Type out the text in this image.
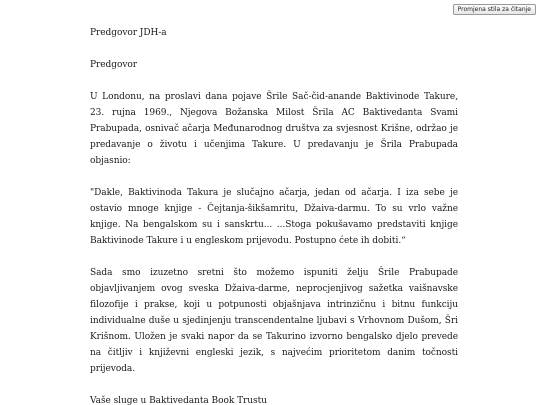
Promjena stila za čitanje

Predgovor JDH-a

Predgovor

U Londonu, na proslavi dana pojave Šrile Sač-čid-anande Baktivinode Takure, 23. rujna 1969., Njegova Božanska Milost Šrila AC Baktivedanta Svami Prabupada, osnivač ačarja Međunarodnog društva za svjesnost Krišne, održao je predavanje o životu i učenjima Takure. U predavanju je Šrila Prabupada objasnio:

"Dakle, Baktivinoda Takura je slučajno ačarja, jedan od ačarja. I iza sebe je ostavio mnoge knjige - Čejtanja-šikšamritu, Džaiva-darmu. To su vrlo važne knjige. Na bengalskom su i sanskrtu... ...Stoga pokušavamo predstaviti knjige Baktivinode Takure i u engleskom prijevodu. Postupno ćete ih dobiti.“

Sada smo izuzetno sretni što možemo ispuniti želju Šrile Prabupade objavljivanjem ovog sveska Džaiva-darme, neprocjenjivog sažetka vaišnavske filozofije i prakse, koji u potpunosti objašnjava intrinzičnu i bitnu funkciju individualne duše u sjedinjenju transcendentalne ljubavi s Vrhovnom Dušom, Šri Krišnom. Uložen je svaki napor da se Takurino izvorno bengalsko djelo prevede na čitljiv i književni engleski jezik, s najvećim prioritetom danim točnosti prijevoda.

Vaše sluge u Baktivedanta Book Trustu
